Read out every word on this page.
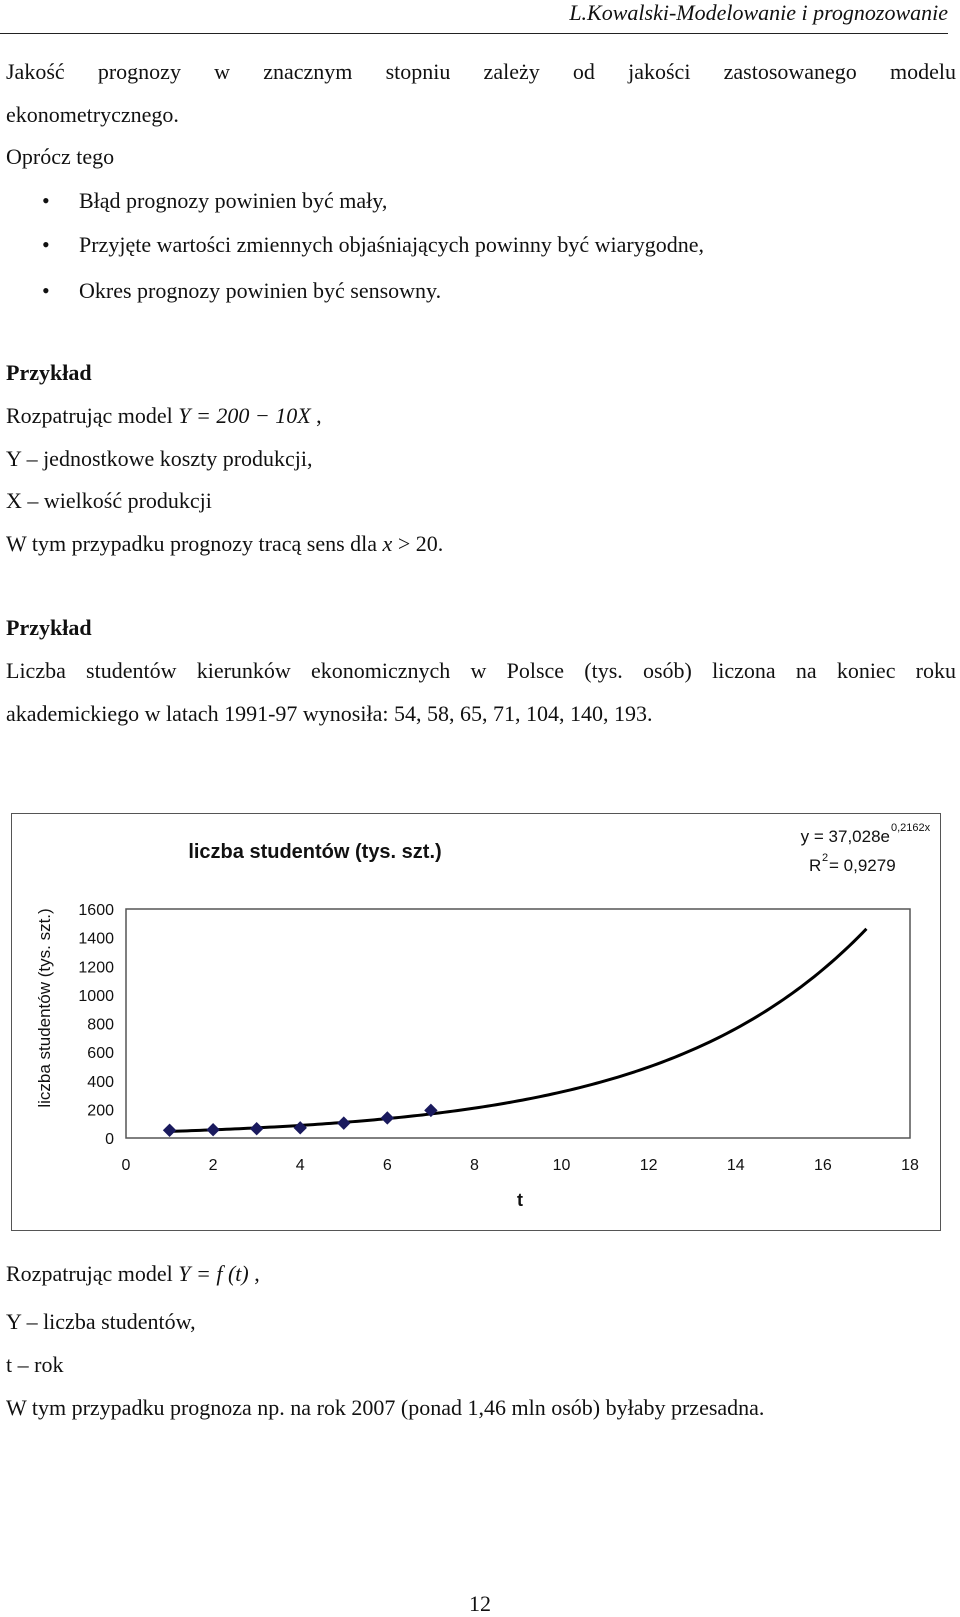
L.Kowalski-Modelowanie i prognozowanie
Jakość prognozy w znacznym stopniu zależy od jakości zastosowanego modelu
ekonometrycznego.
Oprócz tego
• Błąd prognozy powinien być mały,
• Przyjęte wartości zmiennych objaśniających powinny być wiarygodne,
• Okres prognozy powinien być sensowny.
Przykład
Rozpatrując model Y = 200 − 10X ,
Y – jednostkowe koszty produkcji,
X – wielkość produkcji
W tym przypadku prognozy tracą sens dla x > 20.
Przykład
Liczba studentów kierunków ekonomicznych w Polsce (tys. osób) liczona na koniec roku
akademickiego w latach 1991-97 wynosiła: 54, 58, 65, 71, 104, 140, 193.
liczba studentów (tys. szt.)
y = 37,028e 0,2162x
R 2 = 0,9279
liczba studentów (tys. szt.)
t
1600
1400
1200
1000
800
600
400
200
0
0	2	4	6	8	10	12	14	16	18
Rozpatrując model Y = f (t) ,
Y – liczba studentów,
t – rok
W tym przypadku prognoza np. na rok 2007 (ponad 1,46 mln osób) byłaby przesadna.
12
